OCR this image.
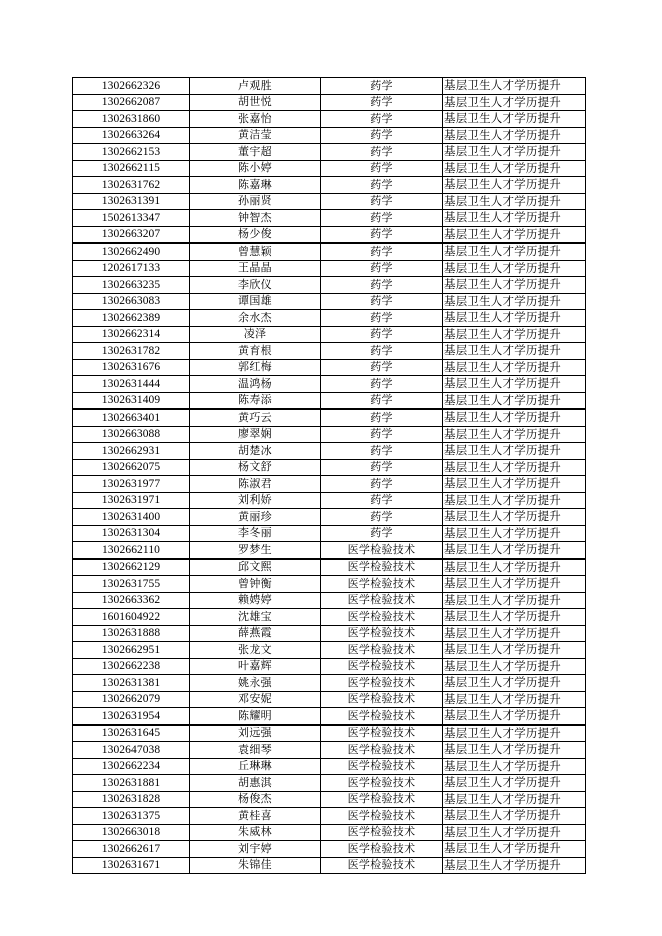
1302662326	卢观胜	药学	基层卫生人才学历提升

1302662087	胡世悦	药学	基层卫生人才学历提升

1302631860	张嘉怡	药学	基层卫生人才学历提升

1302663264	黄洁莹	药学	基层卫生人才学历提升

1302662153	董宇超	药学	基层卫生人才学历提升

1302662115	陈小婷	药学	基层卫生人才学历提升

1302631762	陈嘉琳	药学	基层卫生人才学历提升

1302631391	孙丽贤	药学	基层卫生人才学历提升

1502613347	钟智杰	药学	基层卫生人才学历提升

1302663207	杨少俊	药学	基层卫生人才学历提升

1302662490	曾慧颖	药学	基层卫生人才学历提升

1202617133	王晶晶	药学	基层卫生人才学历提升

1302663235	李欣仪	药学	基层卫生人才学历提升

1302663083	谭国雄	药学	基层卫生人才学历提升

1302662389	余水杰	药学	基层卫生人才学历提升

1302662314	凌泽	药学	基层卫生人才学历提升

1302631782	黄育根	药学	基层卫生人才学历提升

1302631676	郭红梅	药学	基层卫生人才学历提升

1302631444	温鸿杨	药学	基层卫生人才学历提升

1302631409	陈寿添	药学	基层卫生人才学历提升

1302663401	黄巧云	药学	基层卫生人才学历提升

1302663088	廖翠娴	药学	基层卫生人才学历提升

1302662931	胡楚冰	药学	基层卫生人才学历提升

1302662075	杨文舒	药学	基层卫生人才学历提升

1302631977	陈淑君	药学	基层卫生人才学历提升

1302631971	刘利娇	药学	基层卫生人才学历提升

1302631400	黄丽珍	药学	基层卫生人才学历提升

1302631304	李冬丽	药学	基层卫生人才学历提升

1302662110	罗梦生	医学检验技术	基层卫生人才学历提升

1302662129	邱文熙	医学检验技术	基层卫生人才学历提升

1302631755	曾钟衡	医学检验技术	基层卫生人才学历提升

1302663362	赖娉婷	医学检验技术	基层卫生人才学历提升

1601604922	沈雄宝	医学检验技术	基层卫生人才学历提升

1302631888	薛燕霞	医学检验技术	基层卫生人才学历提升

1302662951	张龙文	医学检验技术	基层卫生人才学历提升

1302662238	叶嘉辉	医学检验技术	基层卫生人才学历提升

1302631381	姚永强	医学检验技术	基层卫生人才学历提升

1302662079	邓安妮	医学检验技术	基层卫生人才学历提升

1302631954	陈耀明	医学检验技术	基层卫生人才学历提升

1302631645	刘远强	医学检验技术	基层卫生人才学历提升

1302647038	袁细琴	医学检验技术	基层卫生人才学历提升

1302662234	丘琳琳	医学检验技术	基层卫生人才学历提升

1302631881	胡惠淇	医学检验技术	基层卫生人才学历提升

1302631828	杨俊杰	医学检验技术	基层卫生人才学历提升

1302631375	黄桂喜	医学检验技术	基层卫生人才学历提升

1302663018	朱威林	医学检验技术	基层卫生人才学历提升

1302662617	刘宇婷	医学检验技术	基层卫生人才学历提升

1302631671	朱锦佳	医学检验技术	基层卫生人才学历提升
